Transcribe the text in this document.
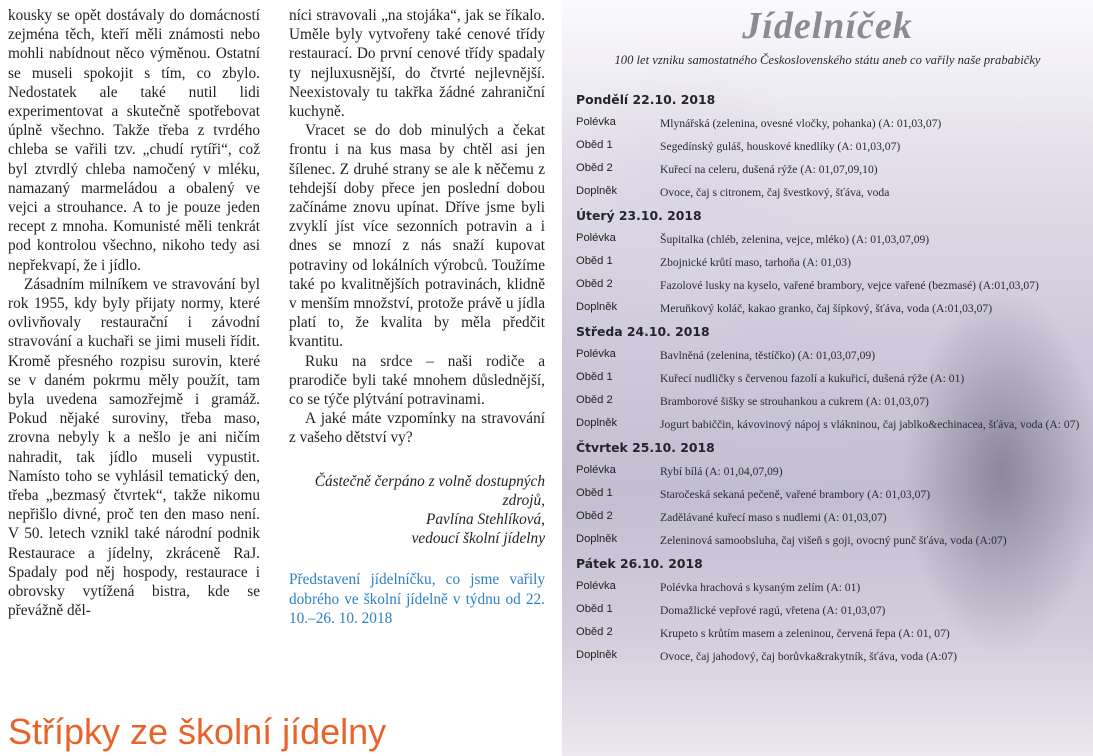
kousky se opět dostávaly do domácností zejména těch, kteří měli známosti nebo mohli nabídnout něco výměnou. Ostatní se museli spokojit s tím, co zbylo. Nedostatek ale také nutil lidi experimentovat a skutečně spotřebovat úplně všechno. Takže třeba z tvrdého chleba se vařili tzv. „chudí rytíři“, což byl ztvrdlý chleba namočený v mléku, namazaný marmeládou a obalený ve vejci a strouhance. A to je pouze jeden recept z mnoha. Komunisté měli tenkrát pod kontrolou všechno, nikoho tedy asi nepřekvapí, že i jídlo.

Zásadním milníkem ve stravování byl rok 1955, kdy byly přijaty normy, které ovlivňovaly restaurační i závodní stravování a kuchaři se jimi museli řídit. Kromě přesného rozpisu surovin, které se v daném pokrmu měly použít, tam byla uvedena samozřejmě i gramáž. Pokud nějaké suroviny, třeba maso, zrovna nebyly k a nešlo je ani ničím nahradit, tak jídlo museli vypustit. Namísto toho se vyhlásil tematický den, třeba „bezmasý čtvrtek“, takže nikomu nepřišlo divné, proč ten den maso není. V 50. letech vznikl také národní podnik Restaurace a jídelny, zkráceně RaJ. Spadaly pod něj hospody, restaurace i obrovsky vytížená bistra, kde se převážně děl-

níci stravovali „na stojáka“, jak se říkalo. Uměle byly vytvořeny také cenové třídy restaurací. Do první cenové třídy spadaly ty nejluxusnější, do čtvrté nejlevnější. Neexistovaly tu takřka žádné zahraniční kuchyně.

Vracet se do dob minulých a čekat frontu i na kus masa by chtěl asi jen šílenec. Z druhé strany se ale k něčemu z tehdejší doby přece jen poslední dobou začínáme znovu upínat. Dříve jsme byli zvyklí jíst více sezonních potravin a i dnes se mnozí z nás snaží kupovat potraviny od lokálních výrobců. Toužíme také po kvalitnějších potravinách, klidně v menším množství, protože právě u jídla platí to, že kvalita by měla předčit kvantitu.

Ruku na srdce – naši rodiče a prarodiče byli také mnohem důslednější, co se týče plýtvání potravinami.

A jaké máte vzpomínky na stravování z vašeho dětství vy?

Částečně čerpáno z volně dostupných zdrojů,
Pavlína Stehlíková,
vedoucí školní jídelny

Představení jídelníčku, co jsme vařily dobrého ve školní jídelně v týdnu od 22. 10.–26. 10. 2018

Střípky ze školní jídelny
Jídelníček

100 let vzniku samostatného Československého státu aneb co vařily naše prababičky

Pondělí 22.10. 2018
Polévka	Mlynářská (zelenina, ovesné vločky, pohanka) (A: 01,03,07)
Oběd 1	Segedínský guláš, houskové knedlíky (A: 01,03,07)
Oběd 2	Kuřecí na celeru, dušená rýže (A: 01,07,09,10)
Doplněk	Ovoce, čaj s citronem, čaj švestkový, šťáva, voda
Úterý 23.10. 2018
Polévka	Šupitalka (chléb, zelenina, vejce, mléko) (A: 01,03,07,09)
Oběd 1	Zbojnické krůtí maso, tarhoňa (A: 01,03)
Oběd 2	Fazolové lusky na kyselo, vařené brambory, vejce vařené (bezmasé) (A:01,03,07)
Doplněk	Meruňkový koláč, kakao granko, čaj šípkový, šťáva, voda (A:01,03,07)
Středa 24.10. 2018
Polévka	Bavlněná (zelenina, těstíčko) (A: 01,03,07,09)
Oběd 1	Kuřecí nudličky s červenou fazolí a kukuřicí, dušená rýže (A: 01)
Oběd 2	Bramborové šišky se strouhankou a cukrem (A: 01,03,07)
Doplněk	Jogurt babiččin, kávovinový nápoj s vlákninou, čaj jablko&echinacea, šťáva, voda (A: 07)
Čtvrtek 25.10. 2018
Polévka	Rybí bílá (A: 01,04,07,09)
Oběd 1	Staročeská sekaná pečeně, vařené brambory (A: 01,03,07)
Oběd 2	Zadělávané kuřecí maso s nudlemi (A: 01,03,07)
Doplněk	Zeleninová samoobsluha, čaj višeň s goji, ovocný punč šťáva, voda (A:07)
Pátek 26.10. 2018
Polévka	Polévka hrachová s kysaným zelím (A: 01)
Oběd 1	Domažlické vepřové ragú, vřetena (A: 01,03,07)
Oběd 2	Krupeto s krůtím masem a zeleninou, červená řepa (A: 01, 07)
Doplněk	Ovoce, čaj jahodový, čaj borůvka&rakytník, šťáva, voda (A:07)
